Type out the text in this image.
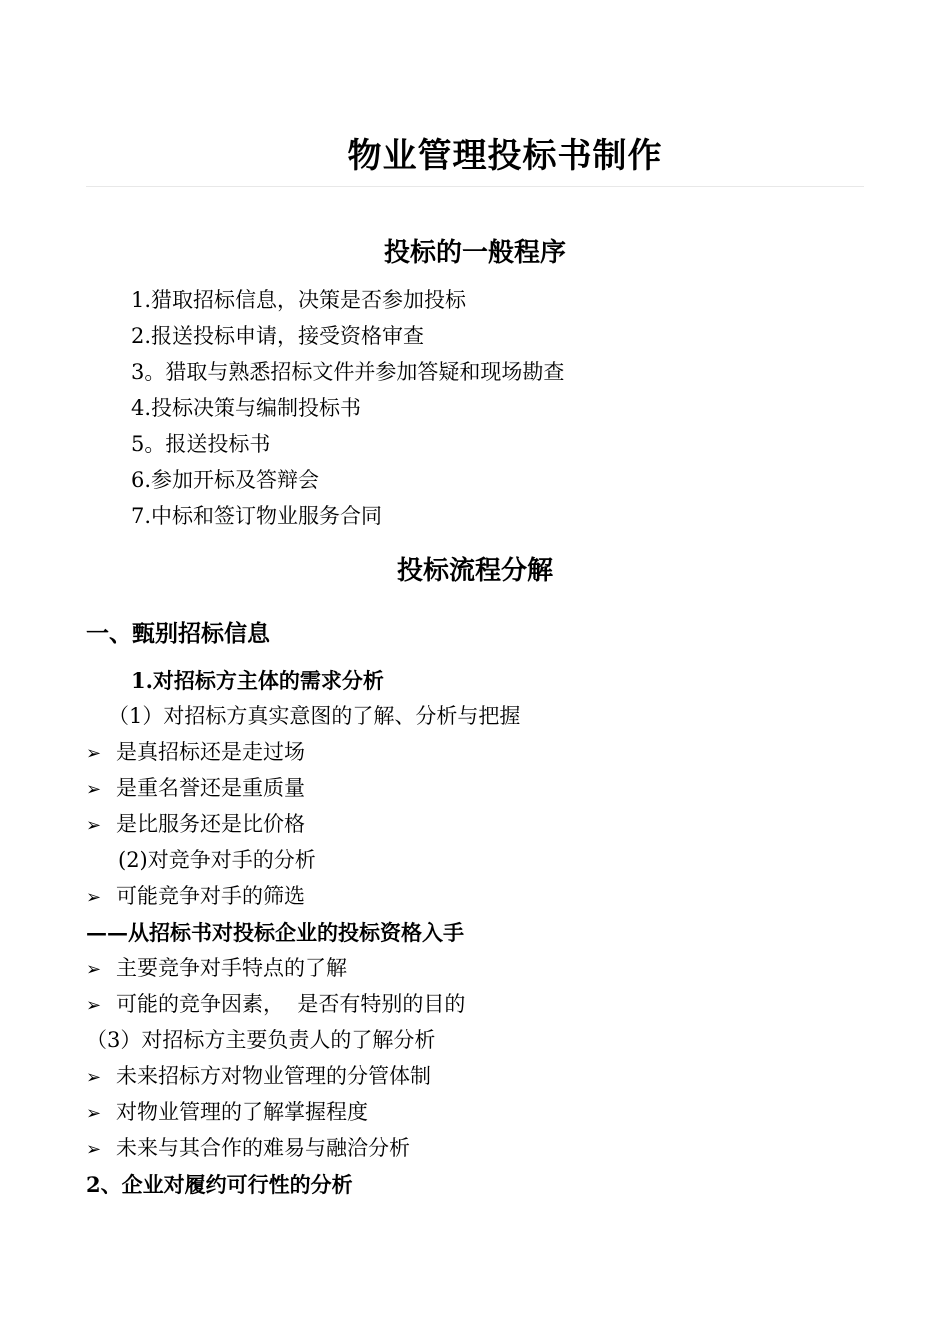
物业管理投标书制作
投标的一般程序
1.猎取招标信息，决策是否参加投标
2.报送投标申请，接受资格审查
3。猎取与熟悉招标文件并参加答疑和现场勘查
4.投标决策与编制投标书
5。报送投标书
6.参加开标及答辩会
7.中标和签订物业服务合同
投标流程分解
一、甄别招标信息
1.对招标方主体的需求分析
（1）对招标方真实意图的了解、分析与把握
➢ 是真招标还是走过场
➢ 是重名誉还是重质量
➢ 是比服务还是比价格
(2)对竞争对手的分析
➢ 可能竞争对手的筛选
——从招标书对投标企业的投标资格入手
➢ 主要竞争对手特点的了解
➢ 可能的竞争因素，  是否有特别的目的
（3）对招标方主要负责人的了解分析
➢ 未来招标方对物业管理的分管体制
➢ 对物业管理的了解掌握程度
➢ 未来与其合作的难易与融洽分析
2、企业对履约可行性的分析
